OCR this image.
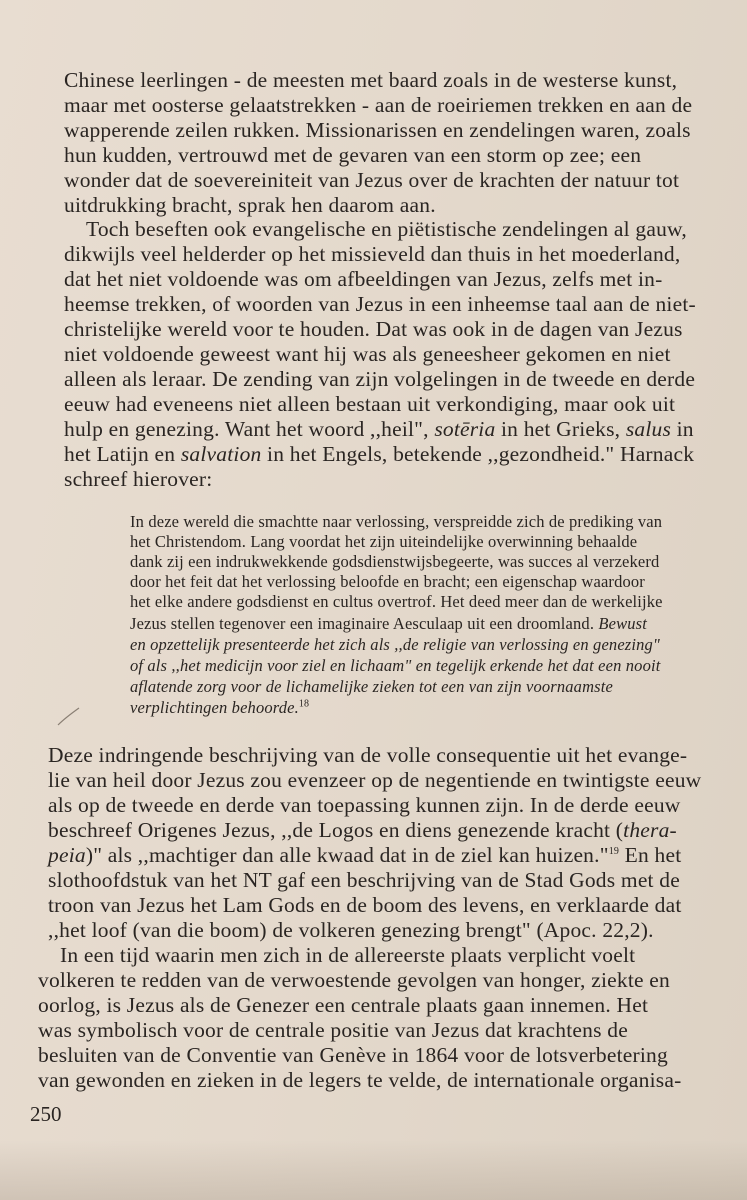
Chinese leerlingen - de meesten met baard zoals in de westerse kunst,
maar met oosterse gelaatstrekken - aan de roeiriemen trekken en aan de
wapperende zeilen rukken. Missionarissen en zendelingen waren, zoals
hun kudden, vertrouwd met de gevaren van een storm op zee; een
wonder dat de soevereiniteit van Jezus over de krachten der natuur tot
uitdrukking bracht, sprak hen daarom aan.
Toch beseften ook evangelische en piëtistische zendelingen al gauw,
dikwijls veel helderder op het missieveld dan thuis in het moederland,
dat het niet voldoende was om afbeeldingen van Jezus, zelfs met in-
heemse trekken, of woorden van Jezus in een inheemse taal aan de niet-
christelijke wereld voor te houden. Dat was ook in de dagen van Jezus
niet voldoende geweest want hij was als geneesheer gekomen en niet
alleen als leraar. De zending van zijn volgelingen in de tweede en derde
eeuw had eveneens niet alleen bestaan uit verkondiging, maar ook uit
hulp en genezing. Want het woord ,,heil", sotēria in het Grieks, salus in
het Latijn en salvation in het Engels, betekende ,,gezondheid." Harnack
schreef hierover:
In deze wereld die smachtte naar verlossing, verspreidde zich de prediking van
het Christendom. Lang voordat het zijn uiteindelijke overwinning behaalde
dank zij een indrukwekkende godsdienstwijsbegeerte, was succes al verzekerd
door het feit dat het verlossing beloofde en bracht; een eigenschap waardoor
het elke andere godsdienst en cultus overtrof. Het deed meer dan de werkelijke
Jezus stellen tegenover een imaginaire Aesculaap uit een droomland. Bewust
en opzettelijk presenteerde het zich als ,,de religie van verlossing en genezing"
of als ,,het medicijn voor ziel en lichaam" en tegelijk erkende het dat een nooit
aflatende zorg voor de lichamelijke zieken tot een van zijn voornaamste
verplichtingen behoorde.$^{18}$
Deze indringende beschrijving van de volle consequentie uit het evange-
lie van heil door Jezus zou evenzeer op de negentiende en twintigste eeuw
als op de tweede en derde van toepassing kunnen zijn. In de derde eeuw
beschreef Origenes Jezus, ,,de Logos en diens genezende kracht (thera-
peia)" als ,,machtiger dan alle kwaad dat in de ziel kan huizen."$^{19}$ En het
slothoofdstuk van het NT gaf een beschrijving van de Stad Gods met de
troon van Jezus het Lam Gods en de boom des levens, en verklaarde dat
,,het loof (van die boom) de volkeren genezing brengt" (Apoc. 22,2).
In een tijd waarin men zich in de allereerste plaats verplicht voelt
volkeren te redden van de verwoestende gevolgen van honger, ziekte en
oorlog, is Jezus als de Genezer een centrale plaats gaan innemen. Het
was symbolisch voor de centrale positie van Jezus dat krachtens de
besluiten van de Conventie van Genève in 1864 voor de lotsverbetering
van gewonden en zieken in de legers te velde, de internationale organisa-
250
